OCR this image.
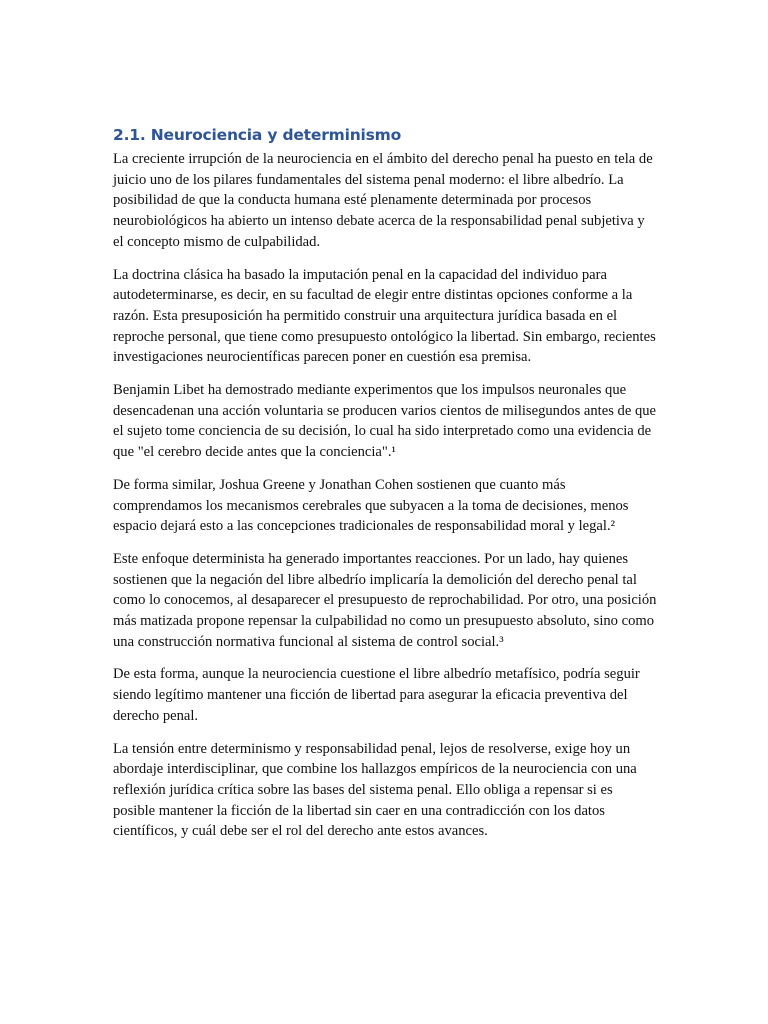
2.1. Neurociencia y determinismo

La creciente irrupción de la neurociencia en el ámbito del derecho penal ha puesto en tela de juicio uno de los pilares fundamentales del sistema penal moderno: el libre albedrío. La posibilidad de que la conducta humana esté plenamente determinada por procesos neurobiológicos ha abierto un intenso debate acerca de la responsabilidad penal subjetiva y el concepto mismo de culpabilidad.

La doctrina clásica ha basado la imputación penal en la capacidad del individuo para autodeterminarse, es decir, en su facultad de elegir entre distintas opciones conforme a la razón. Esta presuposición ha permitido construir una arquitectura jurídica basada en el reproche personal, que tiene como presupuesto ontológico la libertad. Sin embargo, recientes investigaciones neurocientíficas parecen poner en cuestión esa premisa.

Benjamin Libet ha demostrado mediante experimentos que los impulsos neuronales que desencadenan una acción voluntaria se producen varios cientos de milisegundos antes de que el sujeto tome conciencia de su decisión, lo cual ha sido interpretado como una evidencia de que "el cerebro decide antes que la conciencia".¹

De forma similar, Joshua Greene y Jonathan Cohen sostienen que cuanto más comprendamos los mecanismos cerebrales que subyacen a la toma de decisiones, menos espacio dejará esto a las concepciones tradicionales de responsabilidad moral y legal.²

Este enfoque determinista ha generado importantes reacciones. Por un lado, hay quienes sostienen que la negación del libre albedrío implicaría la demolición del derecho penal tal como lo conocemos, al desaparecer el presupuesto de reprochabilidad. Por otro, una posición más matizada propone repensar la culpabilidad no como un presupuesto absoluto, sino como una construcción normativa funcional al sistema de control social.³

De esta forma, aunque la neurociencia cuestione el libre albedrío metafísico, podría seguir siendo legítimo mantener una ficción de libertad para asegurar la eficacia preventiva del derecho penal.

La tensión entre determinismo y responsabilidad penal, lejos de resolverse, exige hoy un abordaje interdisciplinar, que combine los hallazgos empíricos de la neurociencia con una reflexión jurídica crítica sobre las bases del sistema penal. Ello obliga a repensar si es posible mantener la ficción de la libertad sin caer en una contradicción con los datos científicos, y cuál debe ser el rol del derecho ante estos avances.
